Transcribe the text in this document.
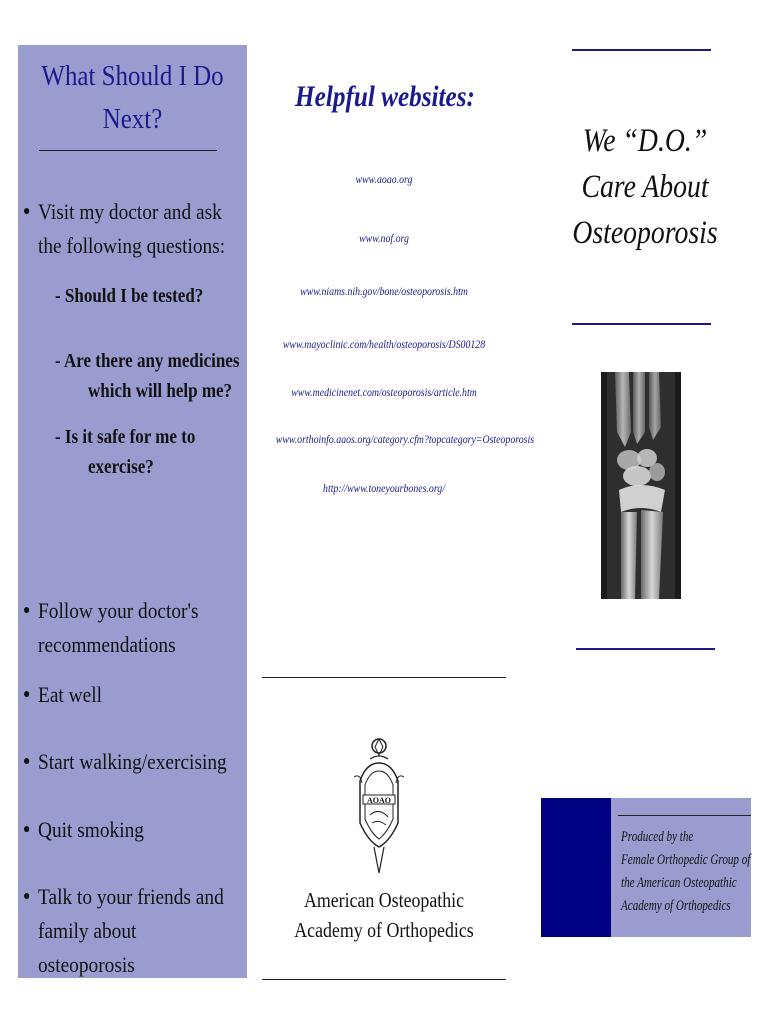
What Should I Do Next?
● Visit my doctor and ask the following questions:
- Should I be tested?
- Are there any medicines
which will help me?
- Is it safe for me to
exercise?
● Follow your doctor's recommendations
● Eat well
● Start walking/exercising
● Quit smoking
● Talk to your friends and family about osteoporosis
Helpful websites:
www.aoao.org
www.nof.org
www.niams.nih.gov/bone/osteoporosis.htm
www.mayoclinic.com/health/osteoporosis/DS00128
www.medicinenet.com/osteoporosis/article.htm
www.orthoinfo.aaos.org/category.cfm?topcategory=Osteoporosis
http://www.toneyourbones.org/
AOAO
American Osteopathic Academy of Orthopedics
We “D.O.” Care About Osteoporosis
Produced by the
Female Orthopedic Group of
the American Osteopathic
Academy of Orthopedics
